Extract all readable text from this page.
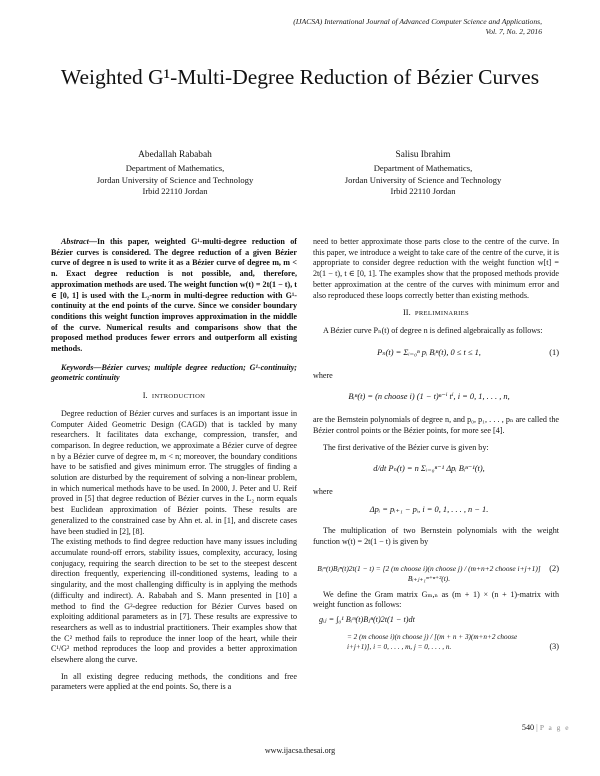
(IJACSA) International Journal of Advanced Computer Science and Applications,
Vol. 7, No. 2, 2016
Weighted G¹-Multi-Degree Reduction of Bézier Curves
Abedallah Rababah
Department of Mathematics,
Jordan University of Science and Technology
Irbid 22110 Jordan
Salisu Ibrahim
Department of Mathematics,
Jordan University of Science and Technology
Irbid 22110 Jordan

Abstract—In this paper, weighted G¹-multi-degree reduction of Bézier curves is considered. The degree reduction of a given Bézier curve of degree n is used to write it as a Bézier curve of degree m, m < n. Exact degree reduction is not possible, and, therefore, approximation methods are used. The weight function w(t) = 2t(1 − t), t ∈ [0, 1] is used with the L₂-norm in multi-degree reduction with G¹-continuity at the end points of the curve. Since we consider boundary conditions this weight function improves approximation in the middle of the curve. Numerical results and comparisons show that the proposed method produces fewer errors and outperform all existing methods.

Keywords—Bézier curves; multiple degree reduction; G¹-continuity; geometric continuity

I. INTRODUCTION

Degree reduction of Bézier curves and surfaces is an important issue in Computer Aided Geometric Design (CAGD) that is tackled by many researchers. It facilitates data exchange, compression, transfer, and comparison. In degree reduction, we approximate a Bézier curve of degree n by a Bézier curve of degree m, m < n; moreover, the boundary conditions have to be satisfied and gives minimum error. The struggles of finding a solution are disturbed by the requirement of solving a non-linear problem, in which numerical methods have to be used. In 2000, J. Peter and U. Reif proved in [5] that degree reduction of Bézier curves in the L₂ norm equals best Euclidean approximation of Bézier points. These results are generalized to the constrained case by Ahn et. al. in [1], and discrete cases have been studied in [2], [8].

The existing methods to find degree reduction have many issues including accumulate round-off errors, stability issues, complexity, accuracy, losing conjugacy, requiring the search direction to be set to the steepest descent direction frequently, experiencing ill-conditioned systems, leading to a singularity, and the most challenging difficulty is in applying the methods (difficulty and indirect). A. Rababah and S. Mann presented in [10] a method to find the G²-degree reduction for Bézier Curves based on exploiting additional parameters as in [7]. These results are expressive to researchers as well as to industrial practitioners. Their examples show that the C² method fails to reproduce the inner loop of the heart, while their C¹/G² method reproduces the loop and provides a better approximation elsewhere along the curve.

In all existing degree reducing methods, the conditions and free parameters were applied at the end points. So, there is a

need to better approximate those parts close to the centre of the curve. In this paper, we introduce a weight to take care of the centre of the curve, it is appropriate to consider degree reduction with the weight function w[t] = 2t(1 − t), t ∈ [0, 1]. The examples show that the proposed methods provide better approximation at the centre of the curves with minimum error and also reproduced these loops correctly better than existing methods.

II. PRELIMINARIES

A Bézier curve Pₙ(t) of degree n is defined algebraically as follows:

Pₙ(t) = Σᵢ₌₀ⁿ pᵢ Bᵢⁿ(t), 0 ≤ t ≤ 1,	(1)

where

Bᵢⁿ(t) = (n choose i) (1 − t)ⁿ⁻ⁱ tⁱ, i = 0, 1, . . . , n,

are the Bernstein polynomials of degree n, and p₀, p₁, . . . , pₙ are called the Bézier control points or the Bézier points, for more see [4].

The first derivative of the Bézier curve is given by:

d/dt Pₙ(t) = n Σᵢ₌₀ⁿ⁻¹ Δpᵢ Bᵢⁿ⁻¹(t),

where

Δpᵢ = pᵢ₊₁ − pᵢ, i = 0, 1, . . . , n − 1.

The multiplication of two Bernstein polynomials with the weight function w(t) = 2t(1 − t) is given by

Bᵢᵐ(t)Bⱼⁿ(t)2t(1 − t) = [2 (m choose i)(n choose j) / (m+n+2 choose i+j+1)] Bᵢ₊ⱼ₊₁ᵐ⁺ⁿ⁺²(t).
(2)

We define the Gram matrix Gₘ,ₙ as (m + 1) × (n + 1)-matrix with weight function as follows:

gᵢⱼ = ∫₀¹ Bᵢᵐ(t)Bⱼⁿ(t)2t(1 − t)dt
= 2 (m choose i)(n choose j) / [(m + n + 3)(m+n+2 choose i+j+1)], i = 0, . . . , m, j = 0, . . . , n.	(3)
540 | P a g e
www.ijacsa.thesai.org
